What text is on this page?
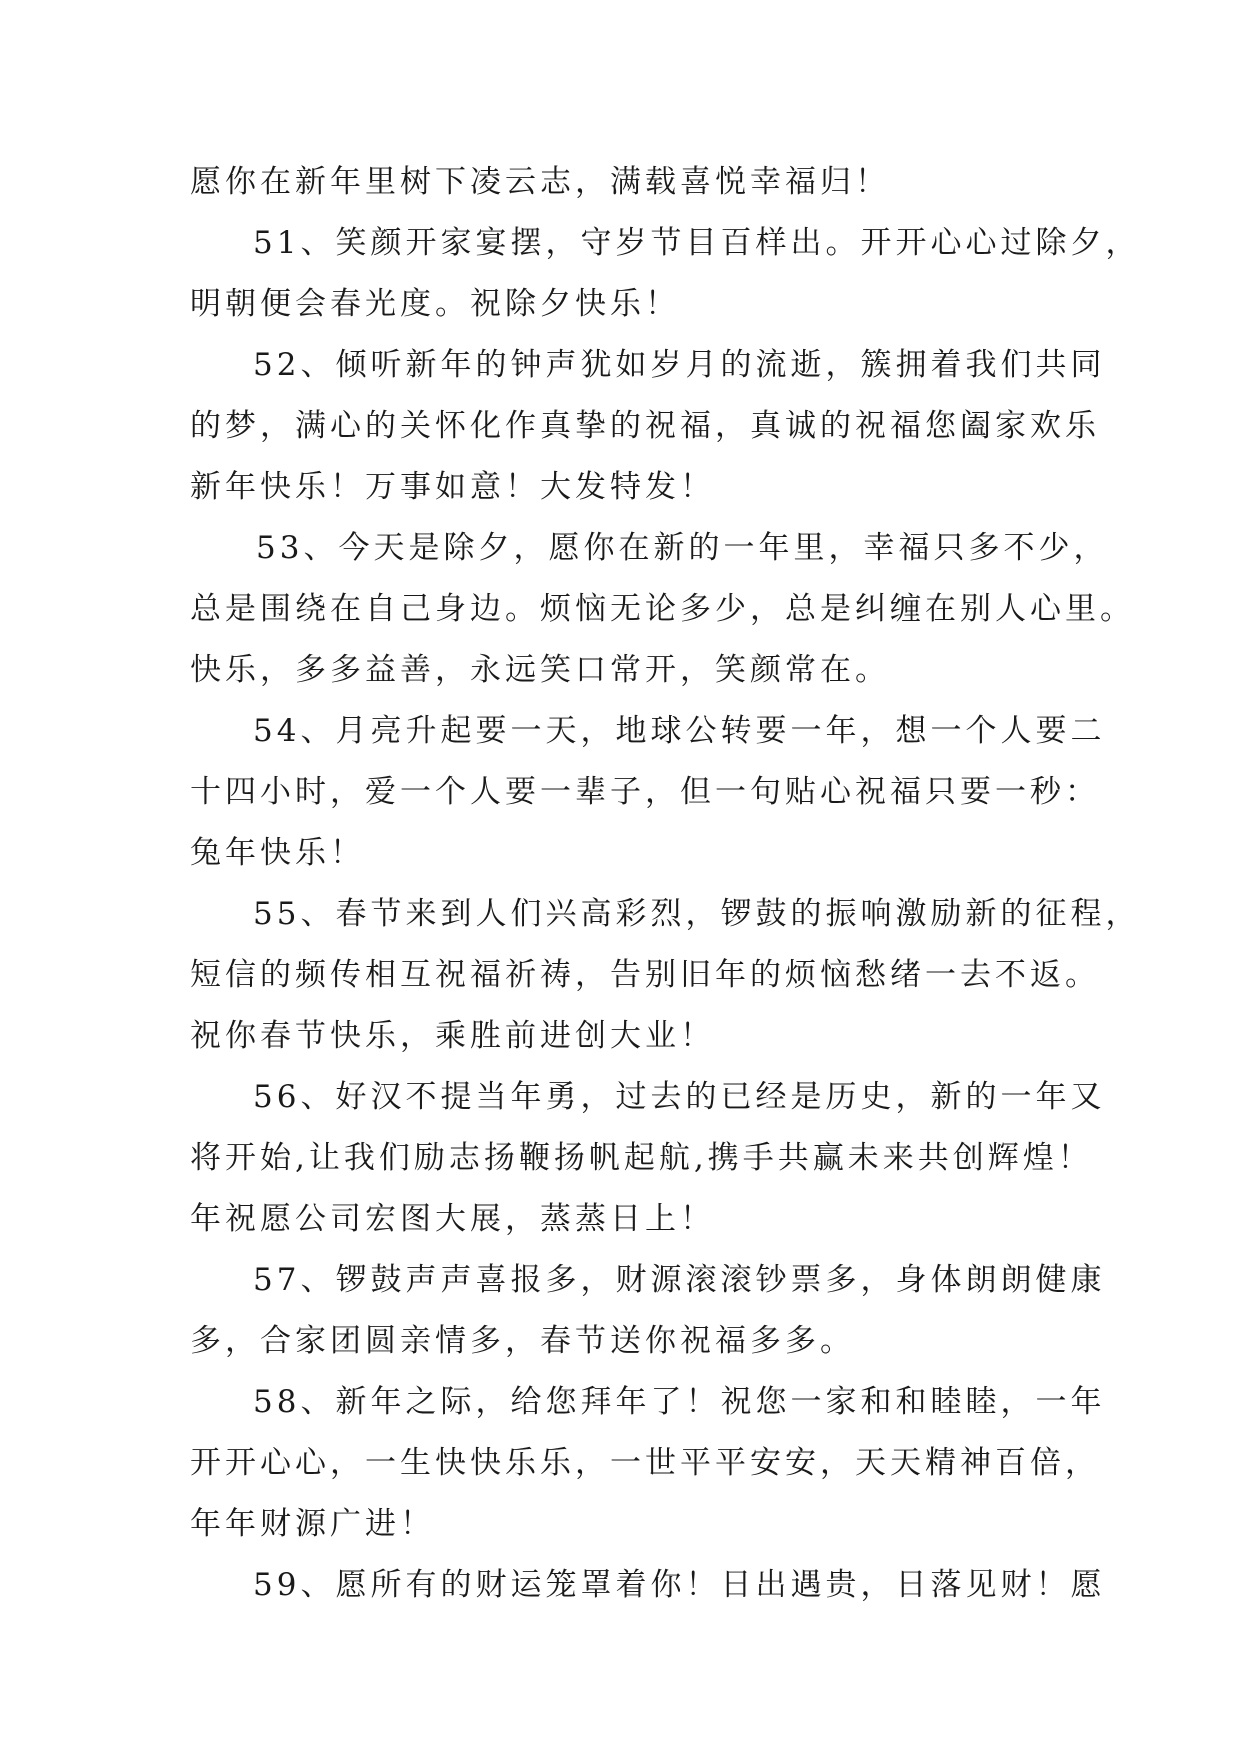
愿你在新年里树下凌云志，满载喜悦幸福归！
51、笑颜开家宴摆，守岁节目百样出。开开心心过除夕，
明朝便会春光度。祝除夕快乐！
52、倾听新年的钟声犹如岁月的流逝，簇拥着我们共同
的梦，满心的关怀化作真挚的祝福，真诚的祝福您阖家欢乐
新年快乐！万事如意！大发特发！
53、今天是除夕，愿你在新的一年里，幸福只多不少，
总是围绕在自己身边。烦恼无论多少，总是纠缠在别人心里。
快乐，多多益善，永远笑口常开，笑颜常在。
54、月亮升起要一天，地球公转要一年，想一个人要二
十四小时，爱一个人要一辈子，但一句贴心祝福只要一秒：
兔年快乐！
55、春节来到人们兴高彩烈，锣鼓的振响激励新的征程，
短信的频传相互祝福祈祷，告别旧年的烦恼愁绪一去不返。
祝你春节快乐，乘胜前进创大业！
56、好汉不提当年勇，过去的已经是历史，新的一年又
将开始,让我们励志扬鞭扬帆起航,携手共赢未来共创辉煌！
年祝愿公司宏图大展，蒸蒸日上！
57、锣鼓声声喜报多，财源滚滚钞票多，身体朗朗健康
多，合家团圆亲情多，春节送你祝福多多。
58、新年之际，给您拜年了！祝您一家和和睦睦，一年
开开心心，一生快快乐乐，一世平平安安，天天精神百倍，
年年财源广进！
59、愿所有的财运笼罩着你！日出遇贵，日落见财！愿
